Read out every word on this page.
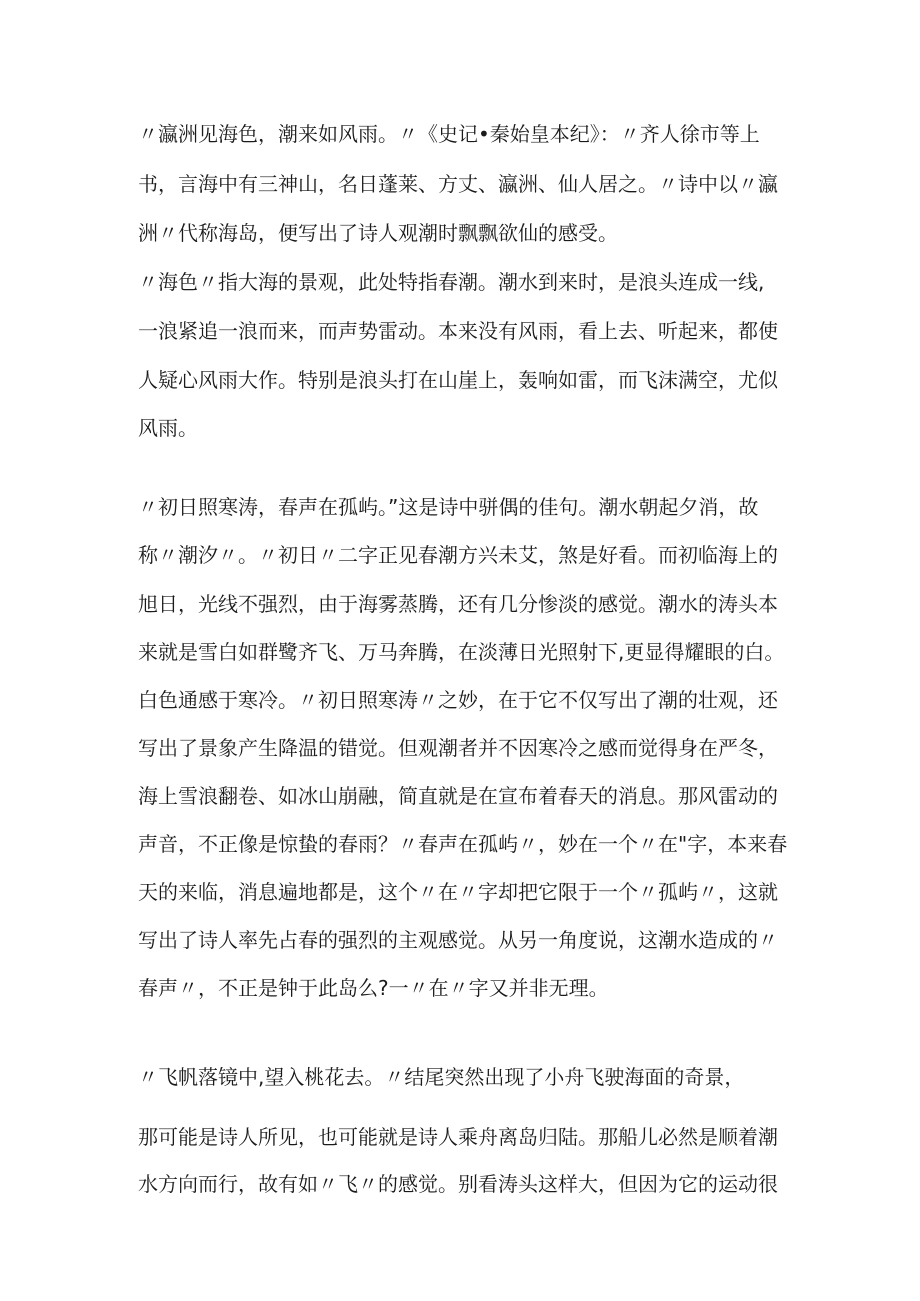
〃瀛洲见海色，潮来如风雨。〃《史记•秦始皇本纪》：〃齐人徐市等上
书，言海中有三神山，名日蓬莱、方丈、瀛洲、仙人居之。〃诗中以〃瀛
洲〃代称海岛，便写出了诗人观潮时飘飘欲仙的感受。
〃海色〃指大海的景观，此处特指春潮。潮水到来时，是浪头连成一线,
一浪紧追一浪而来，而声势雷动。本来没有风雨，看上去、听起来，都使
人疑心风雨大作。特别是浪头打在山崖上，轰响如雷，而飞沫满空，尤似
风雨。
〃初日照寒涛，春声在孤屿。”这是诗中骈偶的佳句。潮水朝起夕消，故
称〃潮汐〃。〃初日〃二字正见春潮方兴未艾，煞是好看。而初临海上的
旭日，光线不强烈，由于海雾蒸腾，还有几分惨淡的感觉。潮水的涛头本
来就是雪白如群鹭齐飞、万马奔腾，在淡薄日光照射下,更显得耀眼的白。
白色通感于寒冷。〃初日照寒涛〃之妙，在于它不仅写出了潮的壮观，还
写出了景象产生降温的错觉。但观潮者并不因寒冷之感而觉得身在严冬，
海上雪浪翻卷、如冰山崩融，简直就是在宣布着春天的消息。那风雷动的
声音，不正像是惊蛰的春雨？〃春声在孤屿〃，妙在一个〃在"字，本来春
天的来临，消息遍地都是，这个〃在〃字却把它限于一个〃孤屿〃，这就
写出了诗人率先占春的强烈的主观感觉。从另一角度说，这潮水造成的〃
春声〃，不正是钟于此岛么?一〃在〃字又并非无理。
〃飞帆落镜中,望入桃花去。〃结尾突然出现了小舟飞驶海面的奇景，
那可能是诗人所见，也可能就是诗人乘舟离岛归陆。那船儿必然是顺着潮
水方向而行，故有如〃飞〃的感觉。别看涛头这样大，但因为它的运动很
